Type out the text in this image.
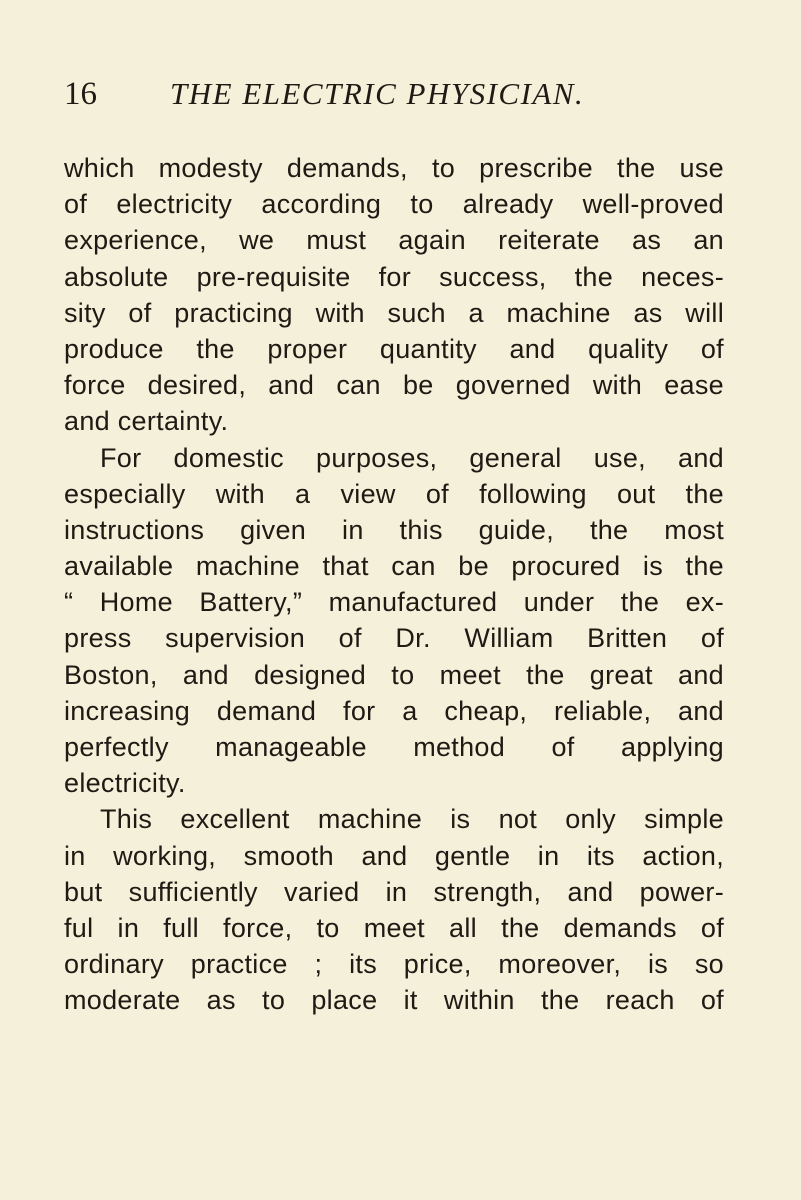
16 THE ELECTRIC PHYSICIAN.
which modesty demands, to prescribe the use
of electricity according to already well-proved
experience, we must again reiterate as an
absolute pre-requisite for success, the neces-
sity of practicing with such a machine as will
produce the proper quantity and quality of
force desired, and can be governed with ease
and certainty.
For domestic purposes, general use, and
especially with a view of following out the
instructions given in this guide, the most
available machine that can be procured is the
“ Home Battery,” manufactured under the ex-
press supervision of Dr. William Britten of
Boston, and designed to meet the great and
increasing demand for a cheap, reliable, and
perfectly manageable method of applying
electricity.
This excellent machine is not only simple
in working, smooth and gentle in its action,
but sufficiently varied in strength, and power-
ful in full force, to meet all the demands of
ordinary practice ; its price, moreover, is so
moderate as to place it within the reach of
